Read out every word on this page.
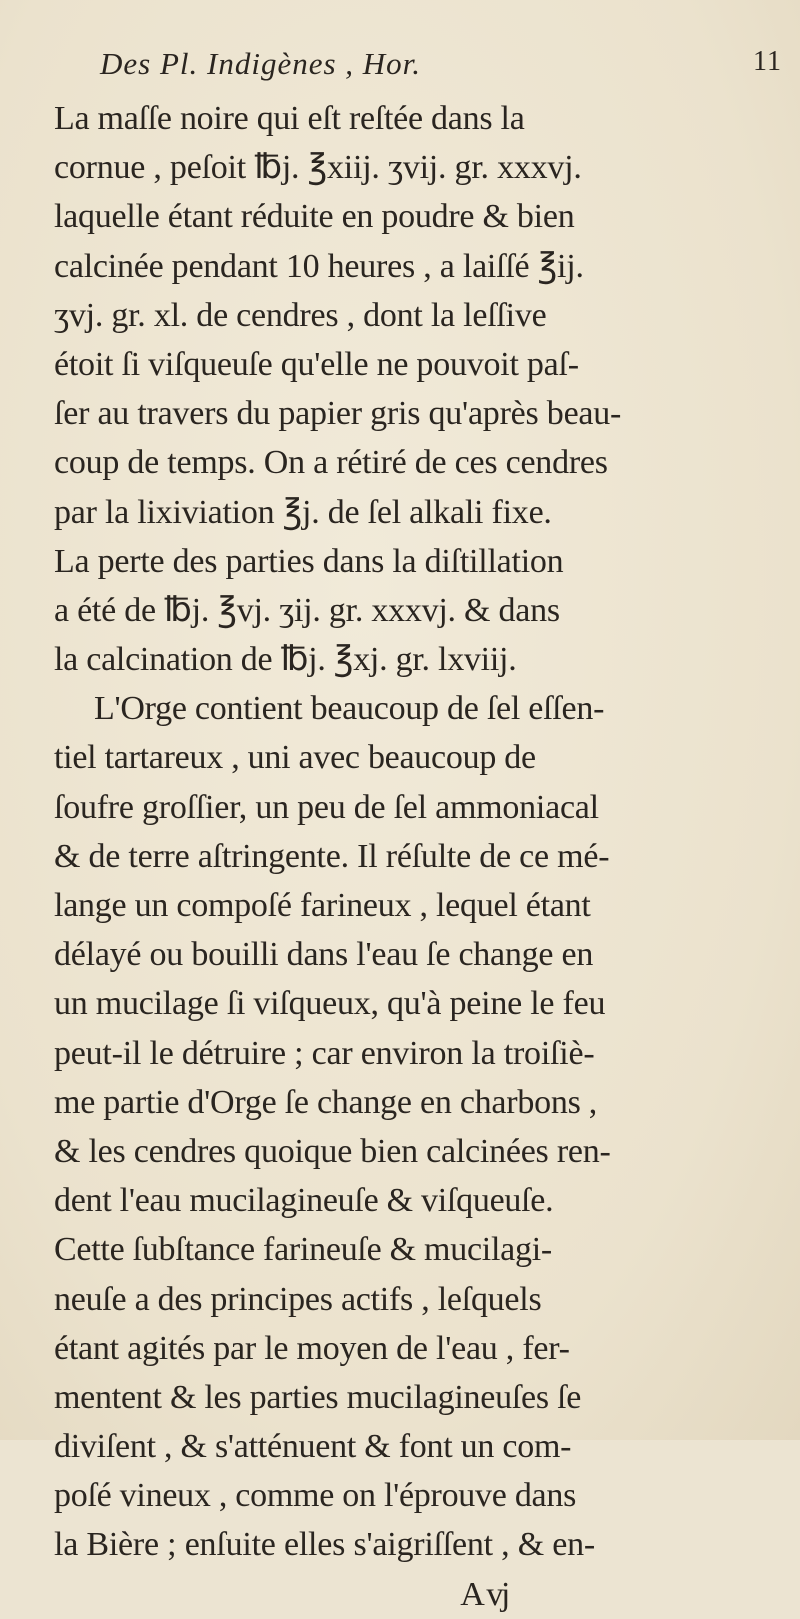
Des Pl. Indigènes , Hor.	11
La maſſe noire qui eſt reſtée dans la
cornue , peſoit ℔j. ℥xiij. ʒvij. gr. xxxvj.
laquelle étant réduite en poudre & bien
calcinée pendant 10 heures , a laiſſé ℥ij.
ʒvj. gr. xl. de cendres , dont la leſſive
étoit ſi viſqueuſe qu'elle ne pouvoit paſ-
ſer au travers du papier gris qu'après beau-
coup de temps. On a rétiré de ces cendres
par la lixiviation ℥j. de ſel alkali fixe.
La perte des parties dans la diſtillation
a été de ℔j. ℥vj. ʒij. gr. xxxvj. & dans
la calcination de ℔j. ℥xj. gr. lxviij.
L'Orge contient beaucoup de ſel eſſen-
tiel tartareux , uni avec beaucoup de
ſoufre groſſier, un peu de ſel ammoniacal
& de terre aſtringente. Il réſulte de ce mé-
lange un compoſé farineux , lequel étant
délayé ou bouilli dans l'eau ſe change en
un mucilage ſi viſqueux, qu'à peine le feu
peut-il le détruire ; car environ la troiſiè-
me partie d'Orge ſe change en charbons ,
& les cendres quoique bien calcinées ren-
dent l'eau mucilagineuſe & viſqueuſe.
Cette ſubſtance farineuſe & mucilagi-
neuſe a des principes actifs , leſquels
étant agités par le moyen de l'eau , fer-
mentent & les parties mucilagineuſes ſe
diviſent , & s'atténuent & font un com-
poſé vineux , comme on l'éprouve dans
la Bière ; enſuite elles s'aigriſſent , & en-
A vj
